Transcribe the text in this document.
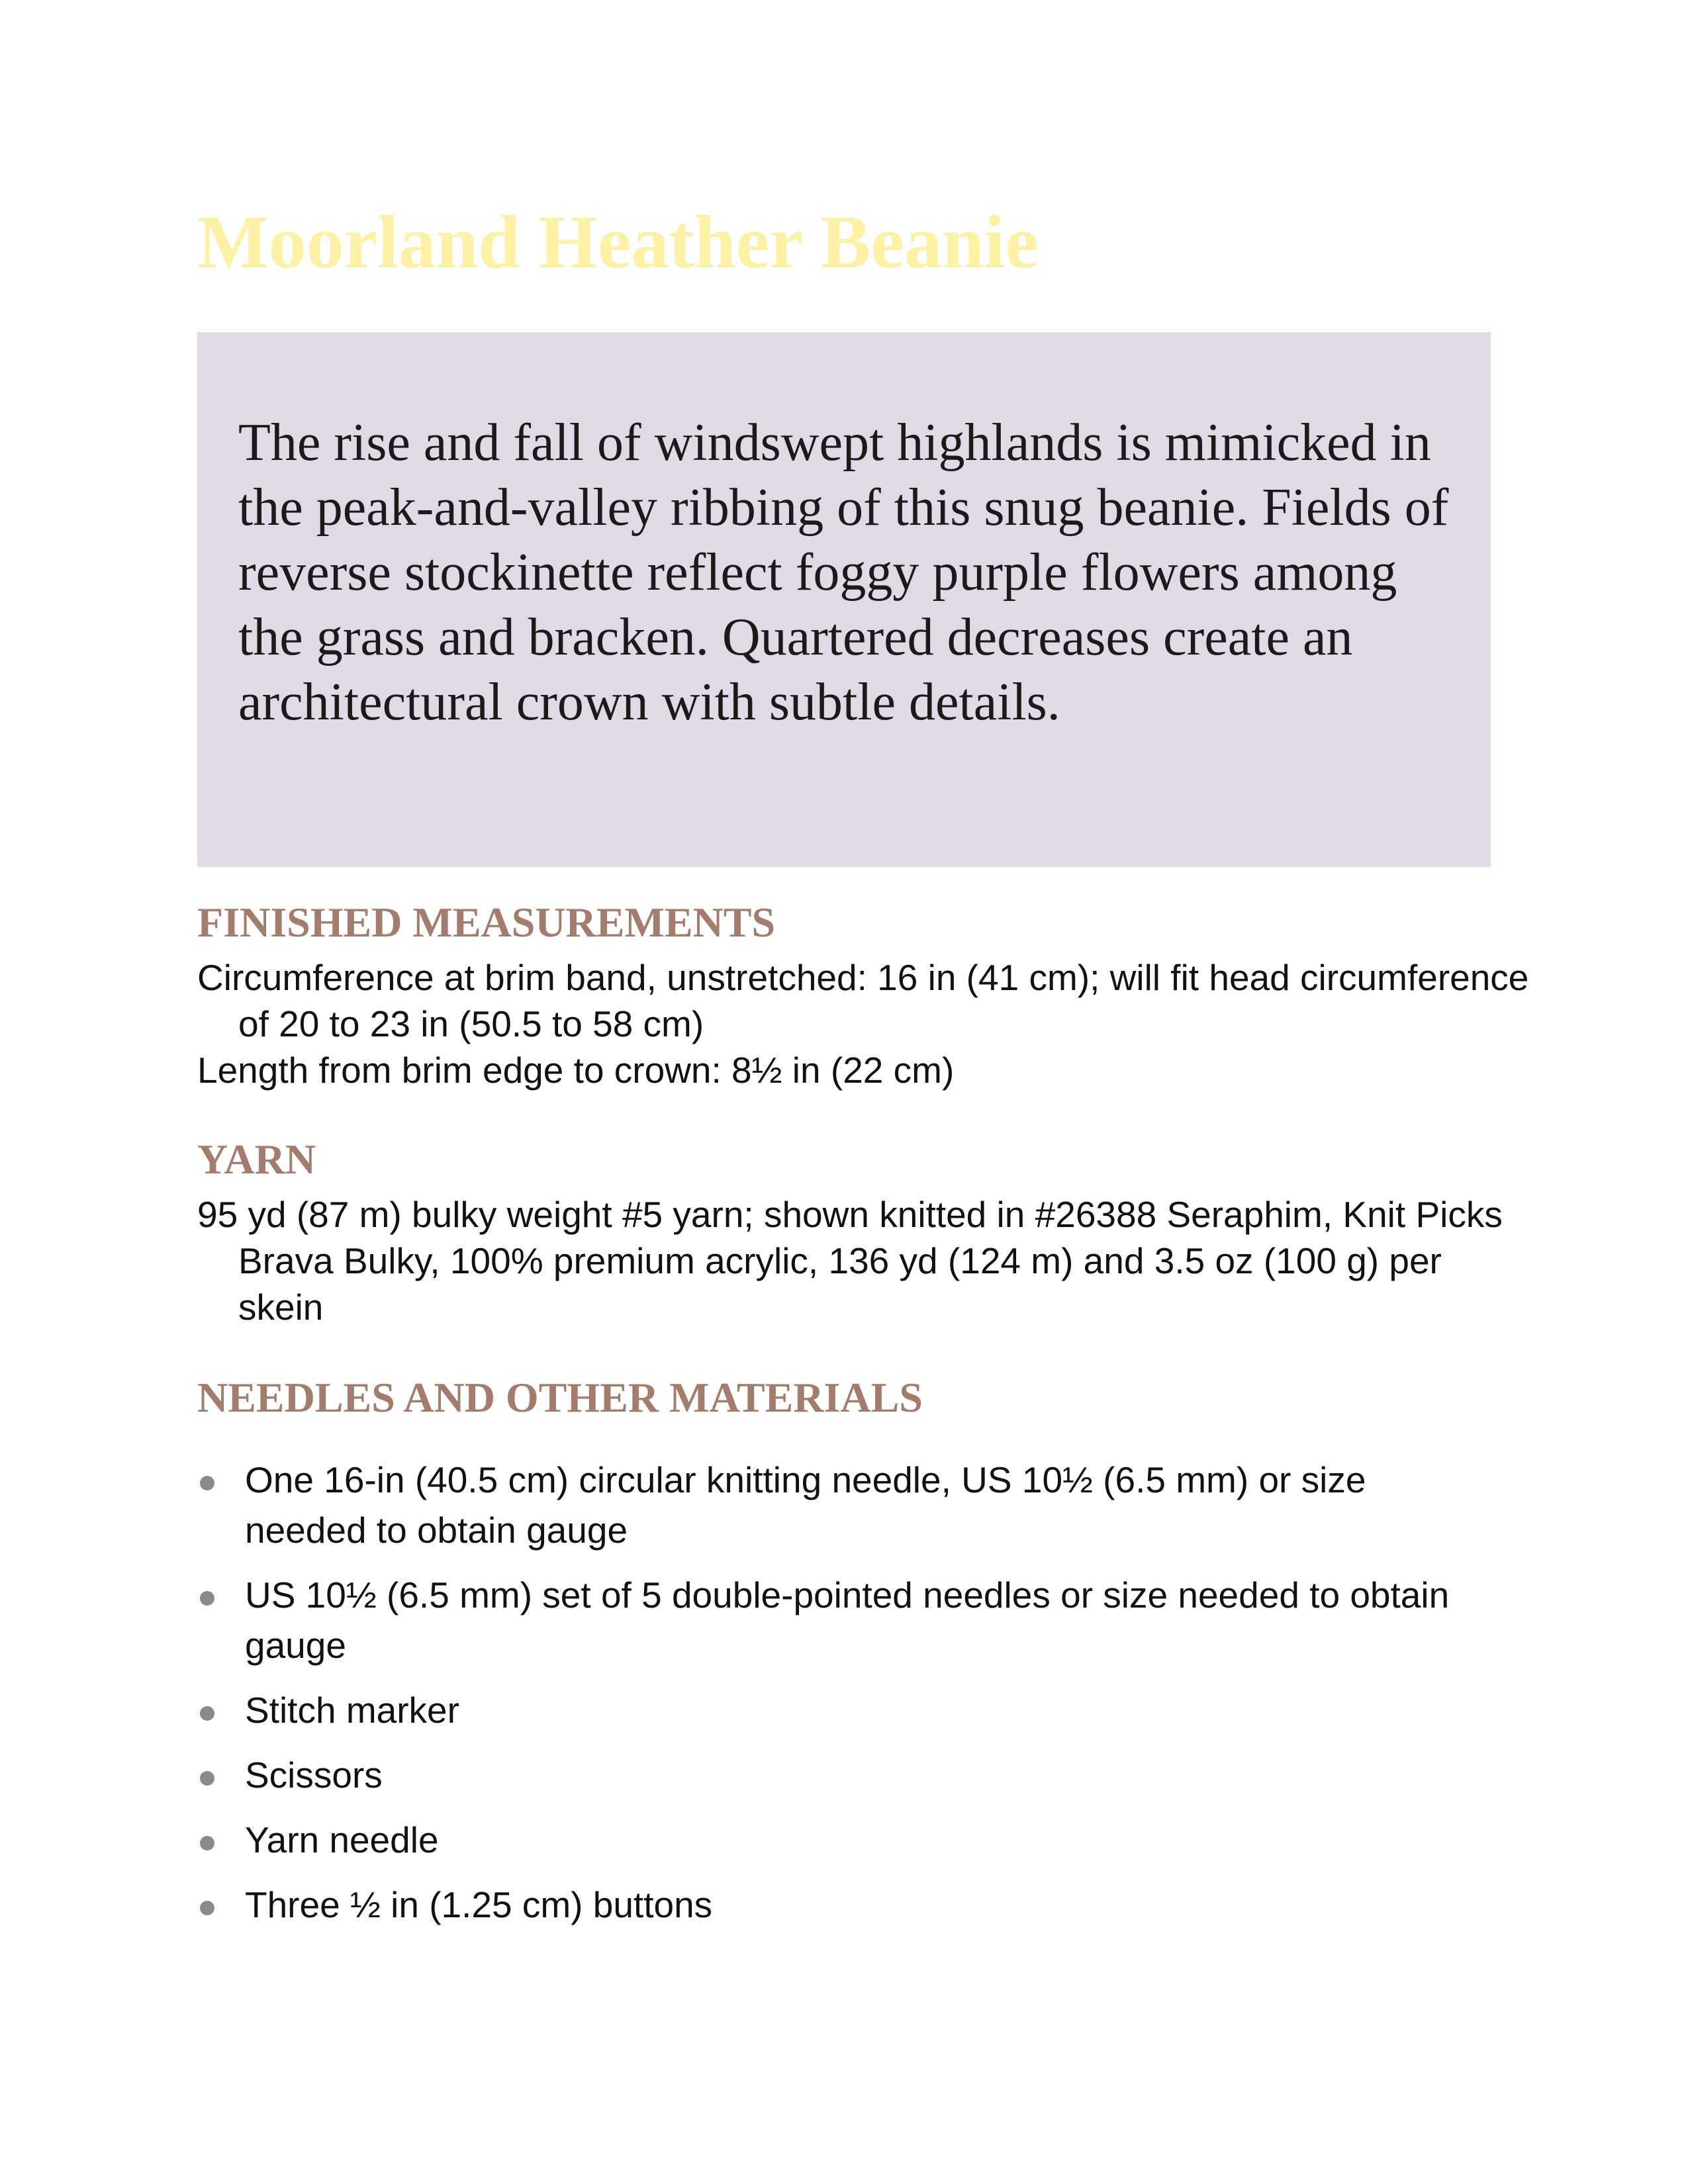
Moorland Heather Beanie

The rise and fall of windswept highlands is mimicked in the peak-and-valley ribbing of this snug beanie. Fields of reverse stockinette reflect foggy purple flowers among the grass and bracken. Quartered decreases create an architectural crown with subtle details.

FINISHED MEASUREMENTS

Circumference at brim band, unstretched: 16 in (41 cm); will fit head circumference of 20 to 23 in (50.5 to 58 cm)

Length from brim edge to crown: 8½ in (22 cm)

YARN

95 yd (87 m) bulky weight #5 yarn; shown knitted in #26388 Seraphim, Knit Picks Brava Bulky, 100% premium acrylic, 136 yd (124 m) and 3.5 oz (100 g) per skein

NEEDLES AND OTHER MATERIALS
One 16-in (40.5 cm) circular knitting needle, US 10½ (6.5 mm) or size needed to obtain gauge
US 10½ (6.5 mm) set of 5 double-pointed needles or size needed to obtain gauge
Stitch marker
Scissors
Yarn needle
Three ½ in (1.25 cm) buttons
